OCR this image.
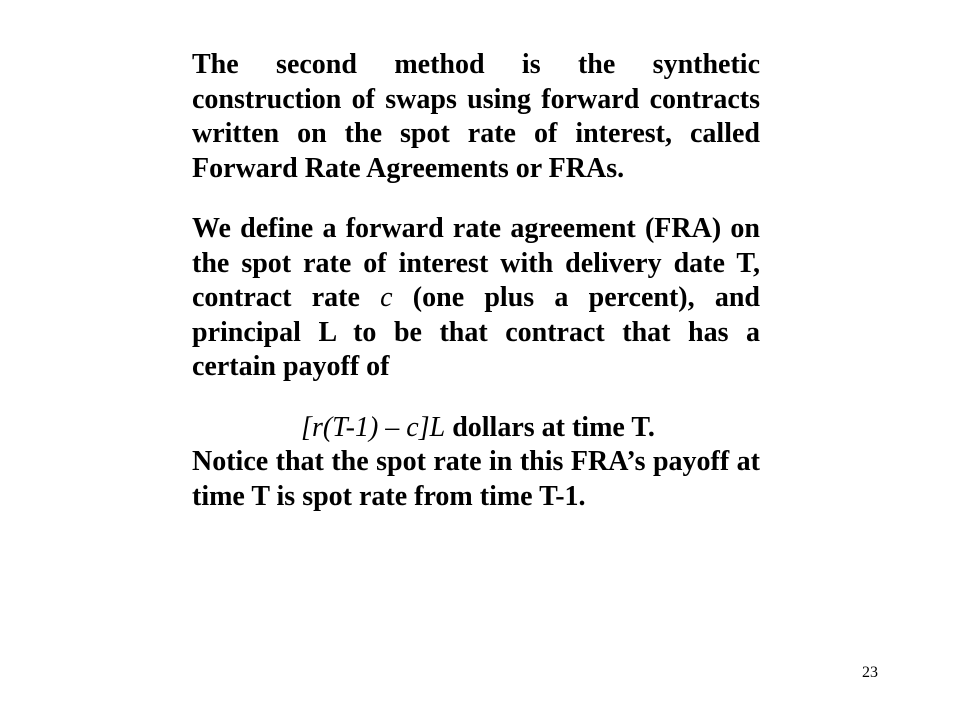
The second method is the synthetic construction of swaps using forward contracts written on the spot rate of interest, called Forward Rate Agreements or FRAs.

We define a forward rate agreement (FRA) on the spot rate of interest with delivery date T, contract rate c (one plus a percent), and principal L to be that contract that has a certain payoff of

[r(T-1) – c]L dollars at time T.

Notice that the spot rate in this FRA’s payoff at time T is spot rate from time T-1.

23
